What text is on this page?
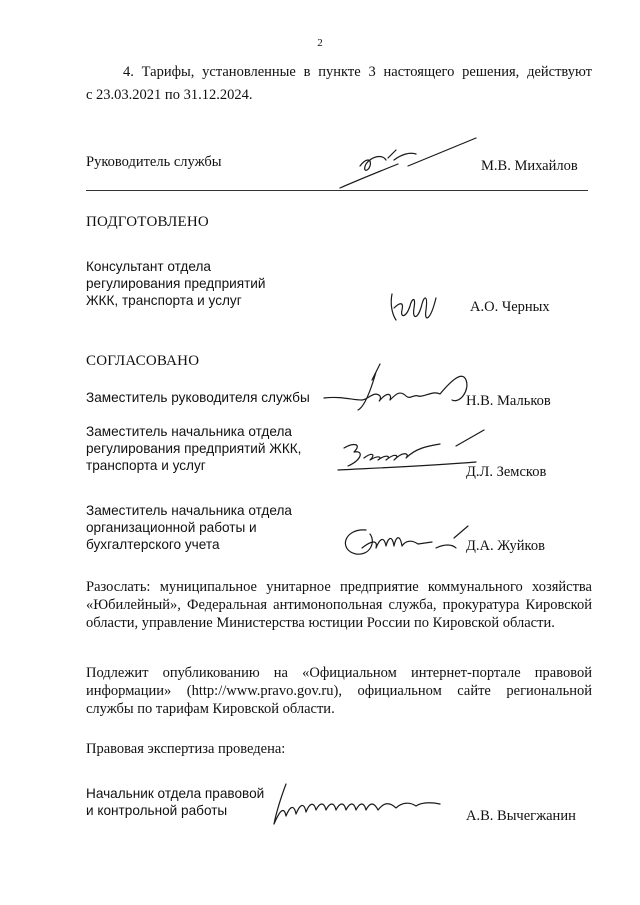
2
4. Тарифы, установленные в пункте 3 настоящего решения, действуют
с 23.03.2021 по 31.12.2024.
Руководитель службы	М.В. Михайлов
ПОДГОТОВЛЕНО
Консультант отдела
регулирования предприятий
ЖКК, транспорта и услуг	А.О. Черных
СОГЛАСОВАНО
Заместитель руководителя службы	Н.В. Мальков
Заместитель начальника отдела
регулирования предприятий ЖКК,
транспорта и услуг	Д.Л. Земсков
Заместитель начальника отдела
организационной работы и
бухгалтерского учета	Д.А. Жуйков
Разослать: муниципальное унитарное предприятие коммунального хозяйства «Юбилейный», Федеральная антимонопольная служба, прокуратура Кировской области, управление Министерства юстиции России по Кировской области.
Подлежит опубликованию на «Официальном интернет-портале правовой информации» (http://www.pravo.gov.ru), официальном сайте региональной службы по тарифам Кировской области.
Правовая экспертиза проведена:
Начальник отдела правовой
и контрольной работы	А.В. Вычегжанин
